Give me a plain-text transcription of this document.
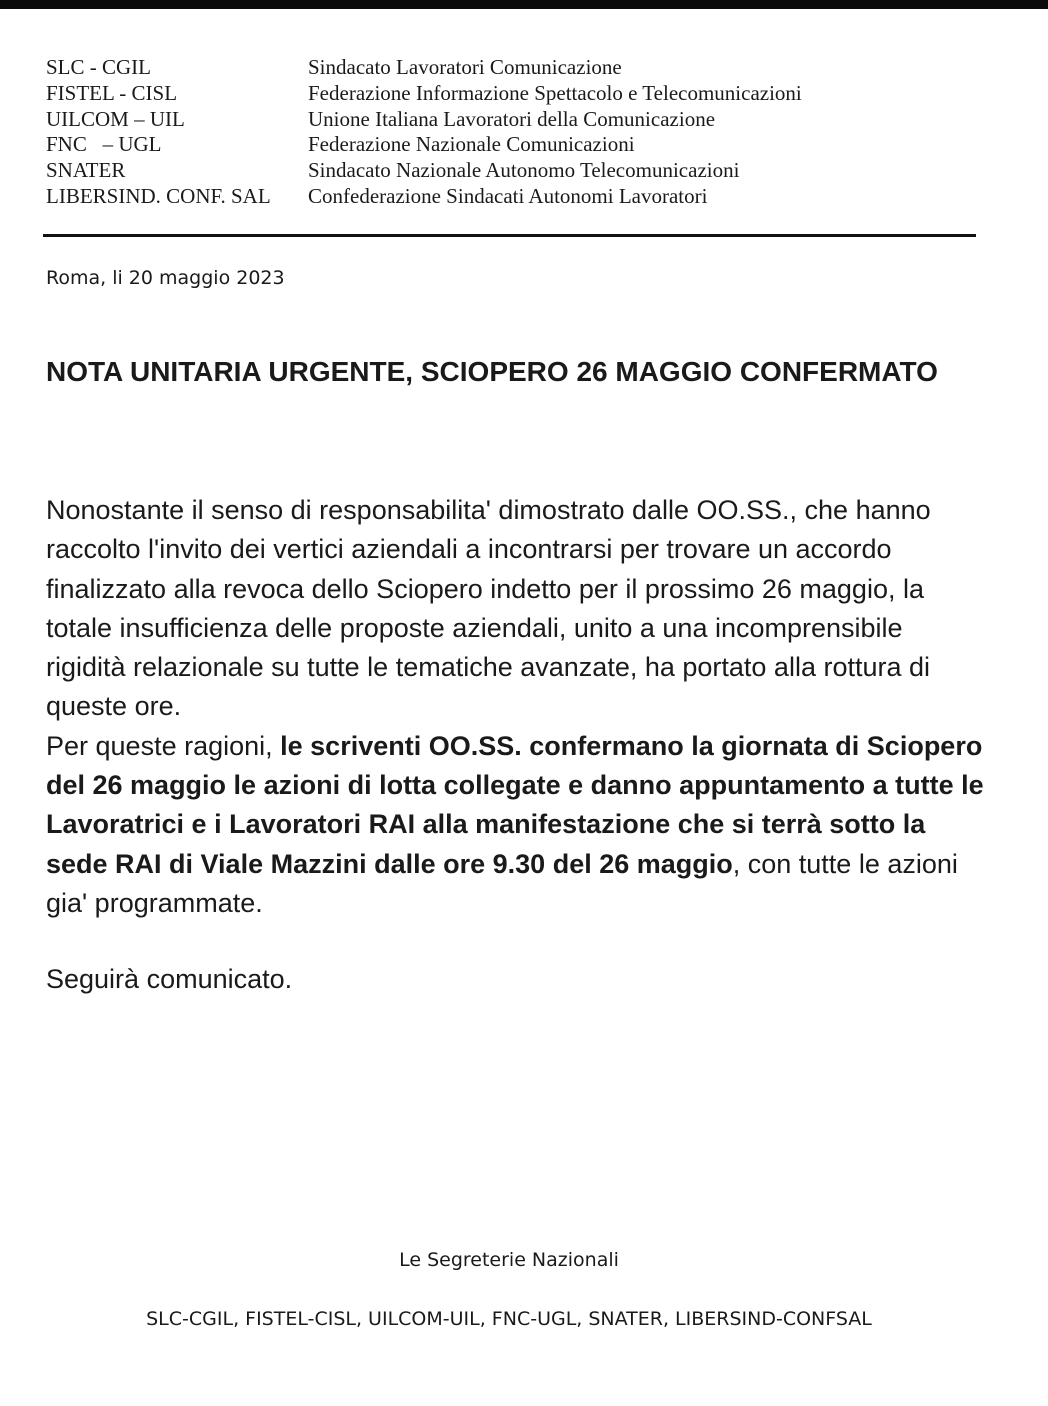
SLC - CGIL	Sindacato Lavoratori Comunicazione
FISTEL - CISL	Federazione Informazione Spettacolo e Telecomunicazioni
UILCOM – UIL	Unione Italiana Lavoratori della Comunicazione
FNC   – UGL	Federazione Nazionale Comunicazioni
SNATER	Sindacato Nazionale Autonomo Telecomunicazioni
LIBERSIND. CONF. SAL	Confederazione Sindacati Autonomi Lavoratori
Roma, li 20 maggio 2023
NOTA UNITARIA URGENTE, SCIOPERO 26 MAGGIO CONFERMATO
Nonostante il senso di responsabilita' dimostrato dalle OO.SS., che hanno raccolto l'invito dei vertici aziendali a incontrarsi per trovare un accordo finalizzato alla revoca dello Sciopero indetto per il prossimo 26 maggio, la totale insufficienza delle proposte aziendali, unito a una incomprensibile rigidità relazionale su tutte le tematiche avanzate, ha portato alla rottura di queste ore.
Per queste ragioni, le scriventi OO.SS. confermano la giornata di Sciopero del 26 maggio le azioni di lotta collegate e danno appuntamento a tutte le Lavoratrici e i Lavoratori RAI alla manifestazione che si terrà sotto la sede RAI di Viale Mazzini dalle ore 9.30 del 26 maggio, con tutte le azioni gia' programmate.
Seguirà comunicato.
Le Segreterie Nazionali
SLC-CGIL, FISTEL-CISL, UILCOM-UIL, FNC-UGL, SNATER, LIBERSIND-CONFSAL
